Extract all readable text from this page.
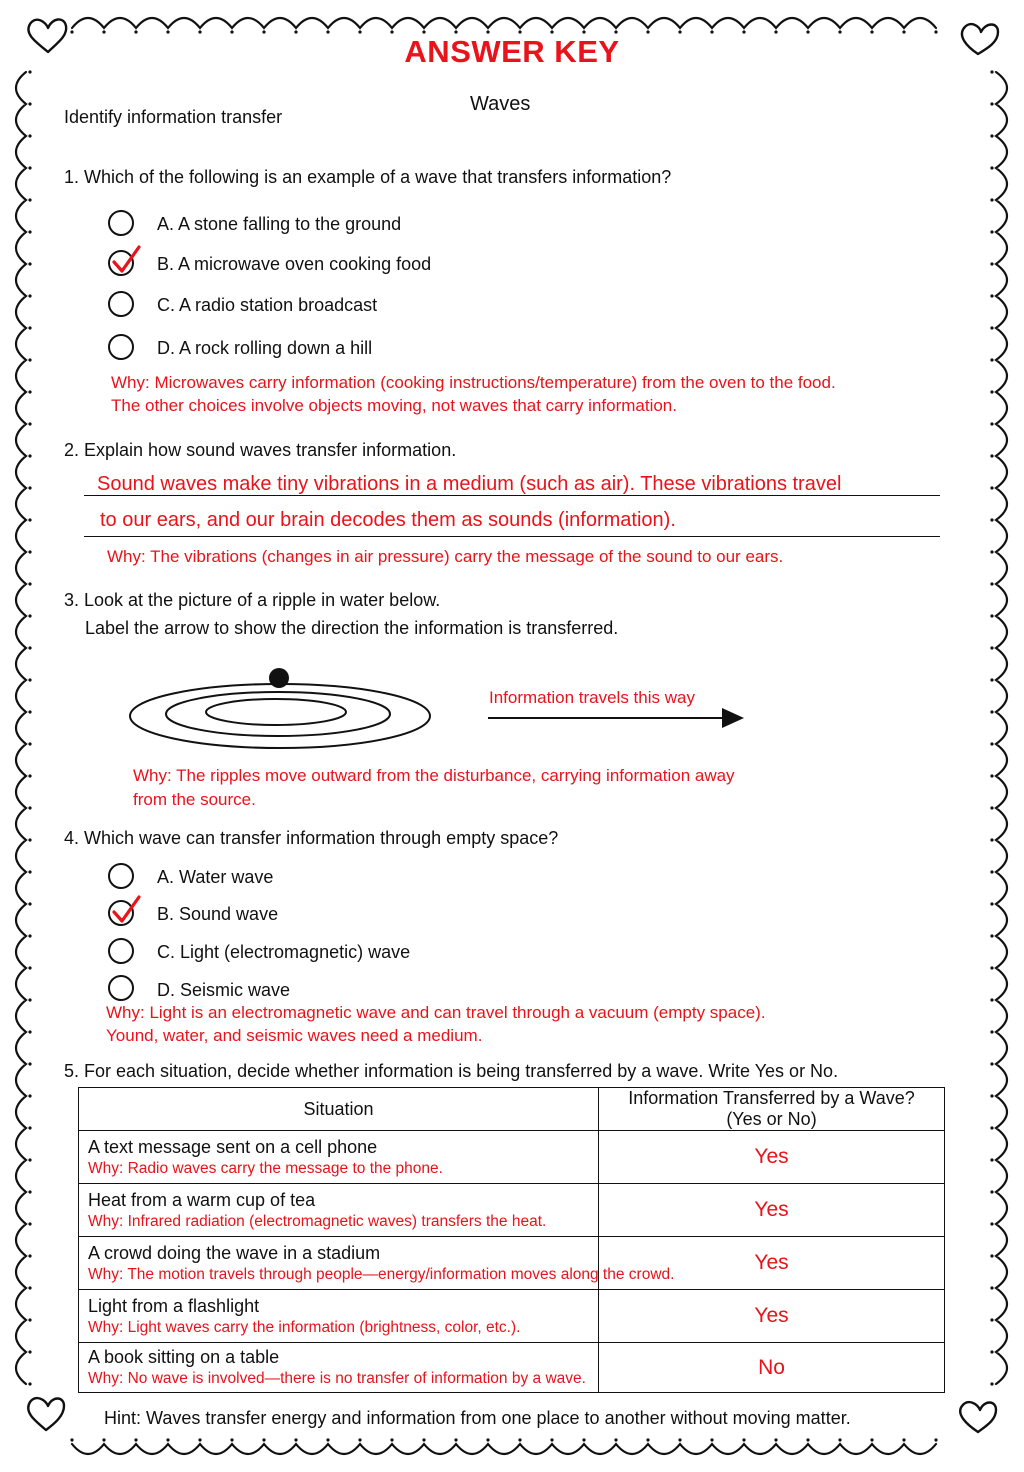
ANSWER KEY
Waves
Identify information transfer
1. Which of the following is an example of a wave that transfers information?
A. A stone falling to the ground
B. A microwave oven cooking food
C. A radio station broadcast
D. A rock rolling down a hill
Why: Microwaves carry information (cooking instructions/temperature) from the oven to the food.
The other choices involve objects moving, not waves that carry information.
2. Explain how sound waves transfer information.
Sound waves make tiny vibrations in a medium (such as air). These vibrations travel
to our ears, and our brain decodes them as sounds (information).
Why: The vibrations (changes in air pressure) carry the message of the sound to our ears.
3. Look at the picture of a ripple in water below.
Label the arrow to show the direction the information is transferred.
Information travels this way
Why: The ripples move outward from the disturbance, carrying information away
from the source.
4. Which wave can transfer information through empty space?
A. Water wave
B. Sound wave
C. Light (electromagnetic) wave
D. Seismic wave
Why: Light is an electromagnetic wave and can travel through a vacuum (empty space).
Yound, water, and seismic waves need a medium.
5. For each situation, decide whether information is being transferred by a wave. Write Yes or No.
Situation	Information Transferred by a Wave?
(Yes or No)

A text message sent on a cell phone
Why: Radio waves carry the message to the phone.	Yes

Heat from a warm cup of tea
Why: Infrared radiation (electromagnetic waves) transfers the heat.	Yes

A crowd doing the wave in a stadium
Why: The motion travels through people—energy/information moves along the crowd.	Yes

Light from a flashlight
Why: Light waves carry the information (brightness, color, etc.).	Yes

A book sitting on a table
Why: No wave is involved—there is no transfer of information by a wave.	No
Hint: Waves transfer energy and information from one place to another without moving matter.
